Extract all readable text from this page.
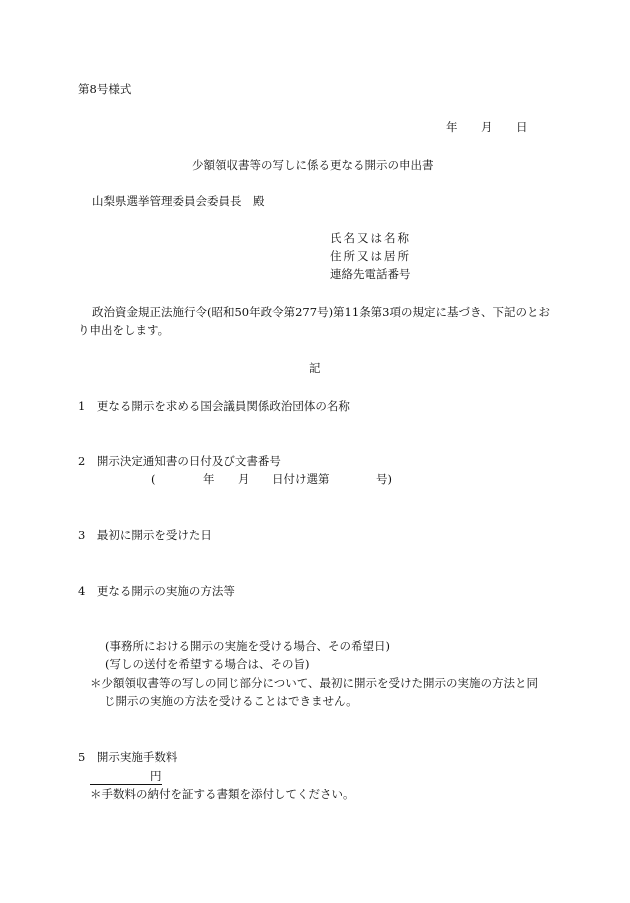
第8号様式
年 月 日
少額領収書等の写しに係る更なる開示の申出書
山梨県選挙管理委員会委員長　殿
氏名又は名称
住所又は居所
連絡先電話番号
政治資金規正法施行令(昭和50年政令第277号)第11条第3項の規定に基づき、下記のとお
り申出をします。
記
1　更なる開示を求める国会議員関係政治団体の名称
2　開示決定通知書の日付及び文書番号
(	年 月 日付け選第	号)
3　最初に開示を受けた日
4　更なる開示の実施の方法等
(事務所における開示の実施を受ける場合、その希望日)
(写しの送付を希望する場合は、その旨)
＊少額領収書等の写しの同じ部分について、最初に開示を受けた開示の実施の方法と同
じ開示の実施の方法を受けることはできません。
5　開示実施手数料
円
＊手数料の納付を証する書類を添付してください。
